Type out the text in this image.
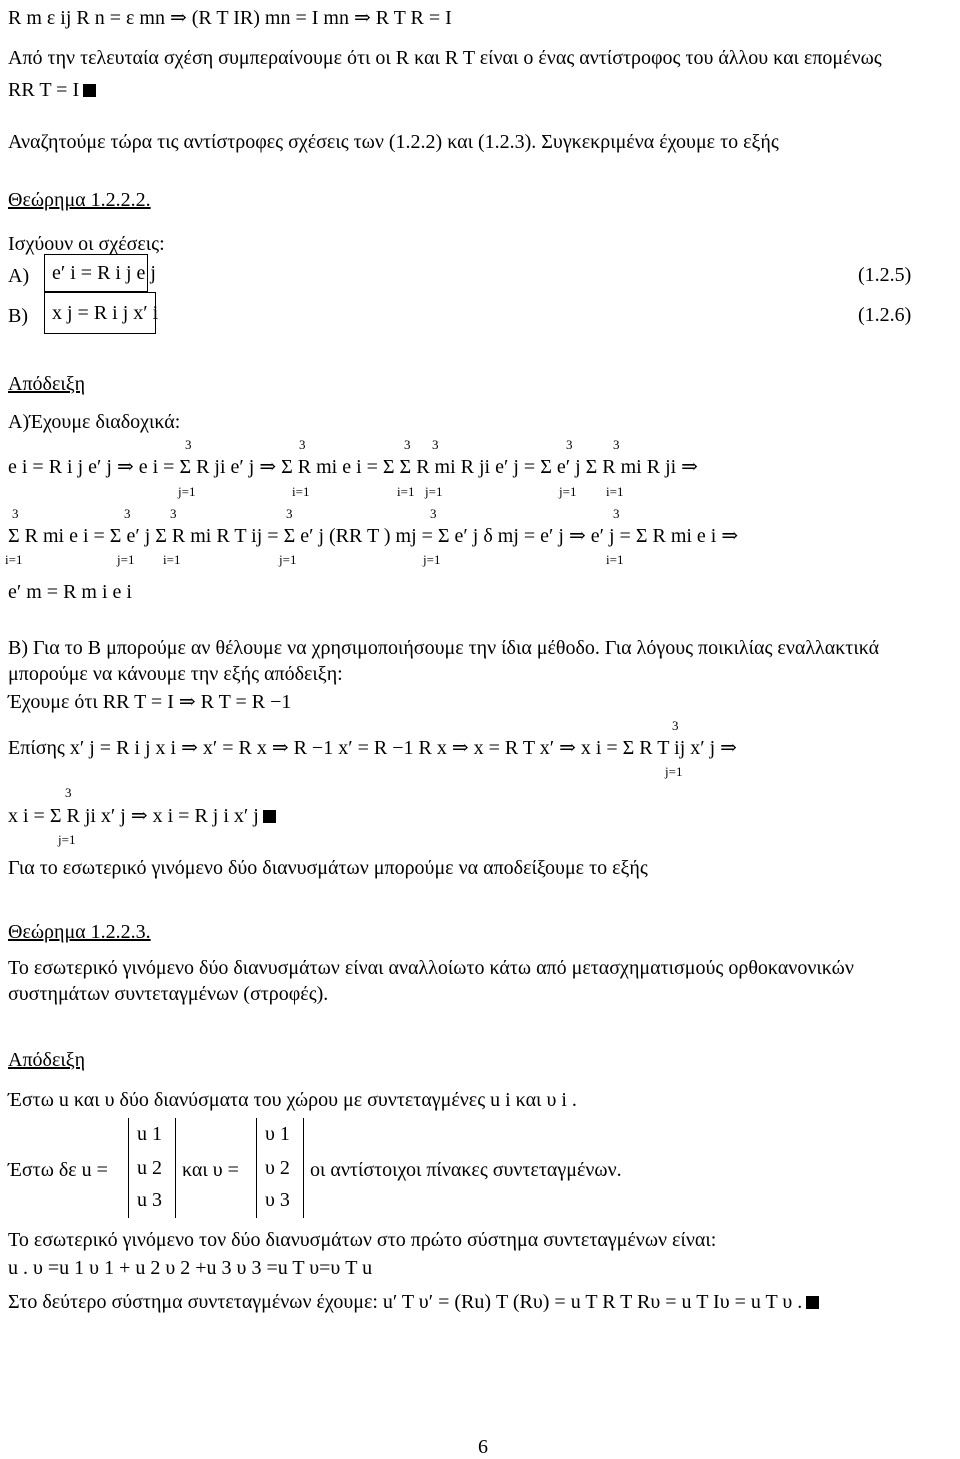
R m ε ij R n = ε mn ⇒ (R T IR) mn = I mn ⇒ R T R = I
Από την τελευταία σχέση συμπεραίνουμε ότι οι R και R T είναι ο ένας αντίστροφος του άλλου και επομένως
RR T = I
Αναζητούμε τώρα τις αντίστροφες σχέσεις των (1.2.2) και (1.2.3). Συγκεκριμένα έχουμε το εξής
Θεώρημα 1.2.2.2.
Ισχύουν οι σχέσεις:
Α) e′ i = R i j e j	(1.2.5)
Β) x j = R i j x′ i	(1.2.6)
Απόδειξη
Α)Έχουμε διαδοχικά:
3
j=1
3
i=1
3
i=1
3
j=1
3
j=1
3
i=1
e i = R i j e′ j ⇒ e i = Σ R ji e′ j ⇒ Σ R mi e i = Σ Σ R mi R ji e′ j = Σ e′ j Σ R mi R ji ⇒
3
i=1
3
j=1
3
i=1
3
j=1
3
j=1
3
i=1
Σ R mi e i = Σ e′ j Σ R mi R T ij = Σ e′ j (RR T ) mj = Σ e′ j δ mj = e′ j ⇒ e′ j = Σ R mi e i ⇒
e′ m = R m i e i
Β) Για το Β μπορούμε αν θέλουμε να χρησιμοποιήσουμε την ίδια μέθοδο. Για λόγους ποικιλίας εναλλακτικά
μπορούμε να κάνουμε την εξής απόδειξη:
Έχουμε ότι RR T = I ⇒ R T = R −1
3
j=1
Επίσης x′ j = R i j x i ⇒ x′ = R x ⇒ R −1 x′ = R −1 R x ⇒ x = R T x′ ⇒ x i = Σ R T ij x′ j ⇒
3
j=1
x i = Σ R ji x′ j ⇒ x i = R j i x′ j
Για το εσωτερικό γινόμενο δύο διανυσμάτων μπορούμε να αποδείξουμε το εξής
Θεώρημα 1.2.2.3.
Το εσωτερικό γινόμενο δύο διανυσμάτων είναι αναλλοίωτο κάτω από μετασχηματισμούς ορθοκανονικών
συστημάτων συντεταγμένων (στροφές).
Απόδειξη
Έστω u και υ δύο διανύσματα του χώρου με συντεταγμένες u i και υ i .
Έστω δε u =
u 1
u 2
u 3
και υ =
υ 1
υ 2
υ 3
οι αντίστοιχοι πίνακες συντεταγμένων.
Το εσωτερικό γινόμενο τον δύο διανυσμάτων στο πρώτο σύστημα συντεταγμένων είναι:
u . υ =u 1 υ 1 + u 2 υ 2 +u 3 υ 3 =u T υ=υ T u
Στο δεύτερο σύστημα συντεταγμένων έχουμε: u′ T υ′ = (Ru) T (Rυ) = u T R T Rυ = u T Iυ = u T υ .
6
